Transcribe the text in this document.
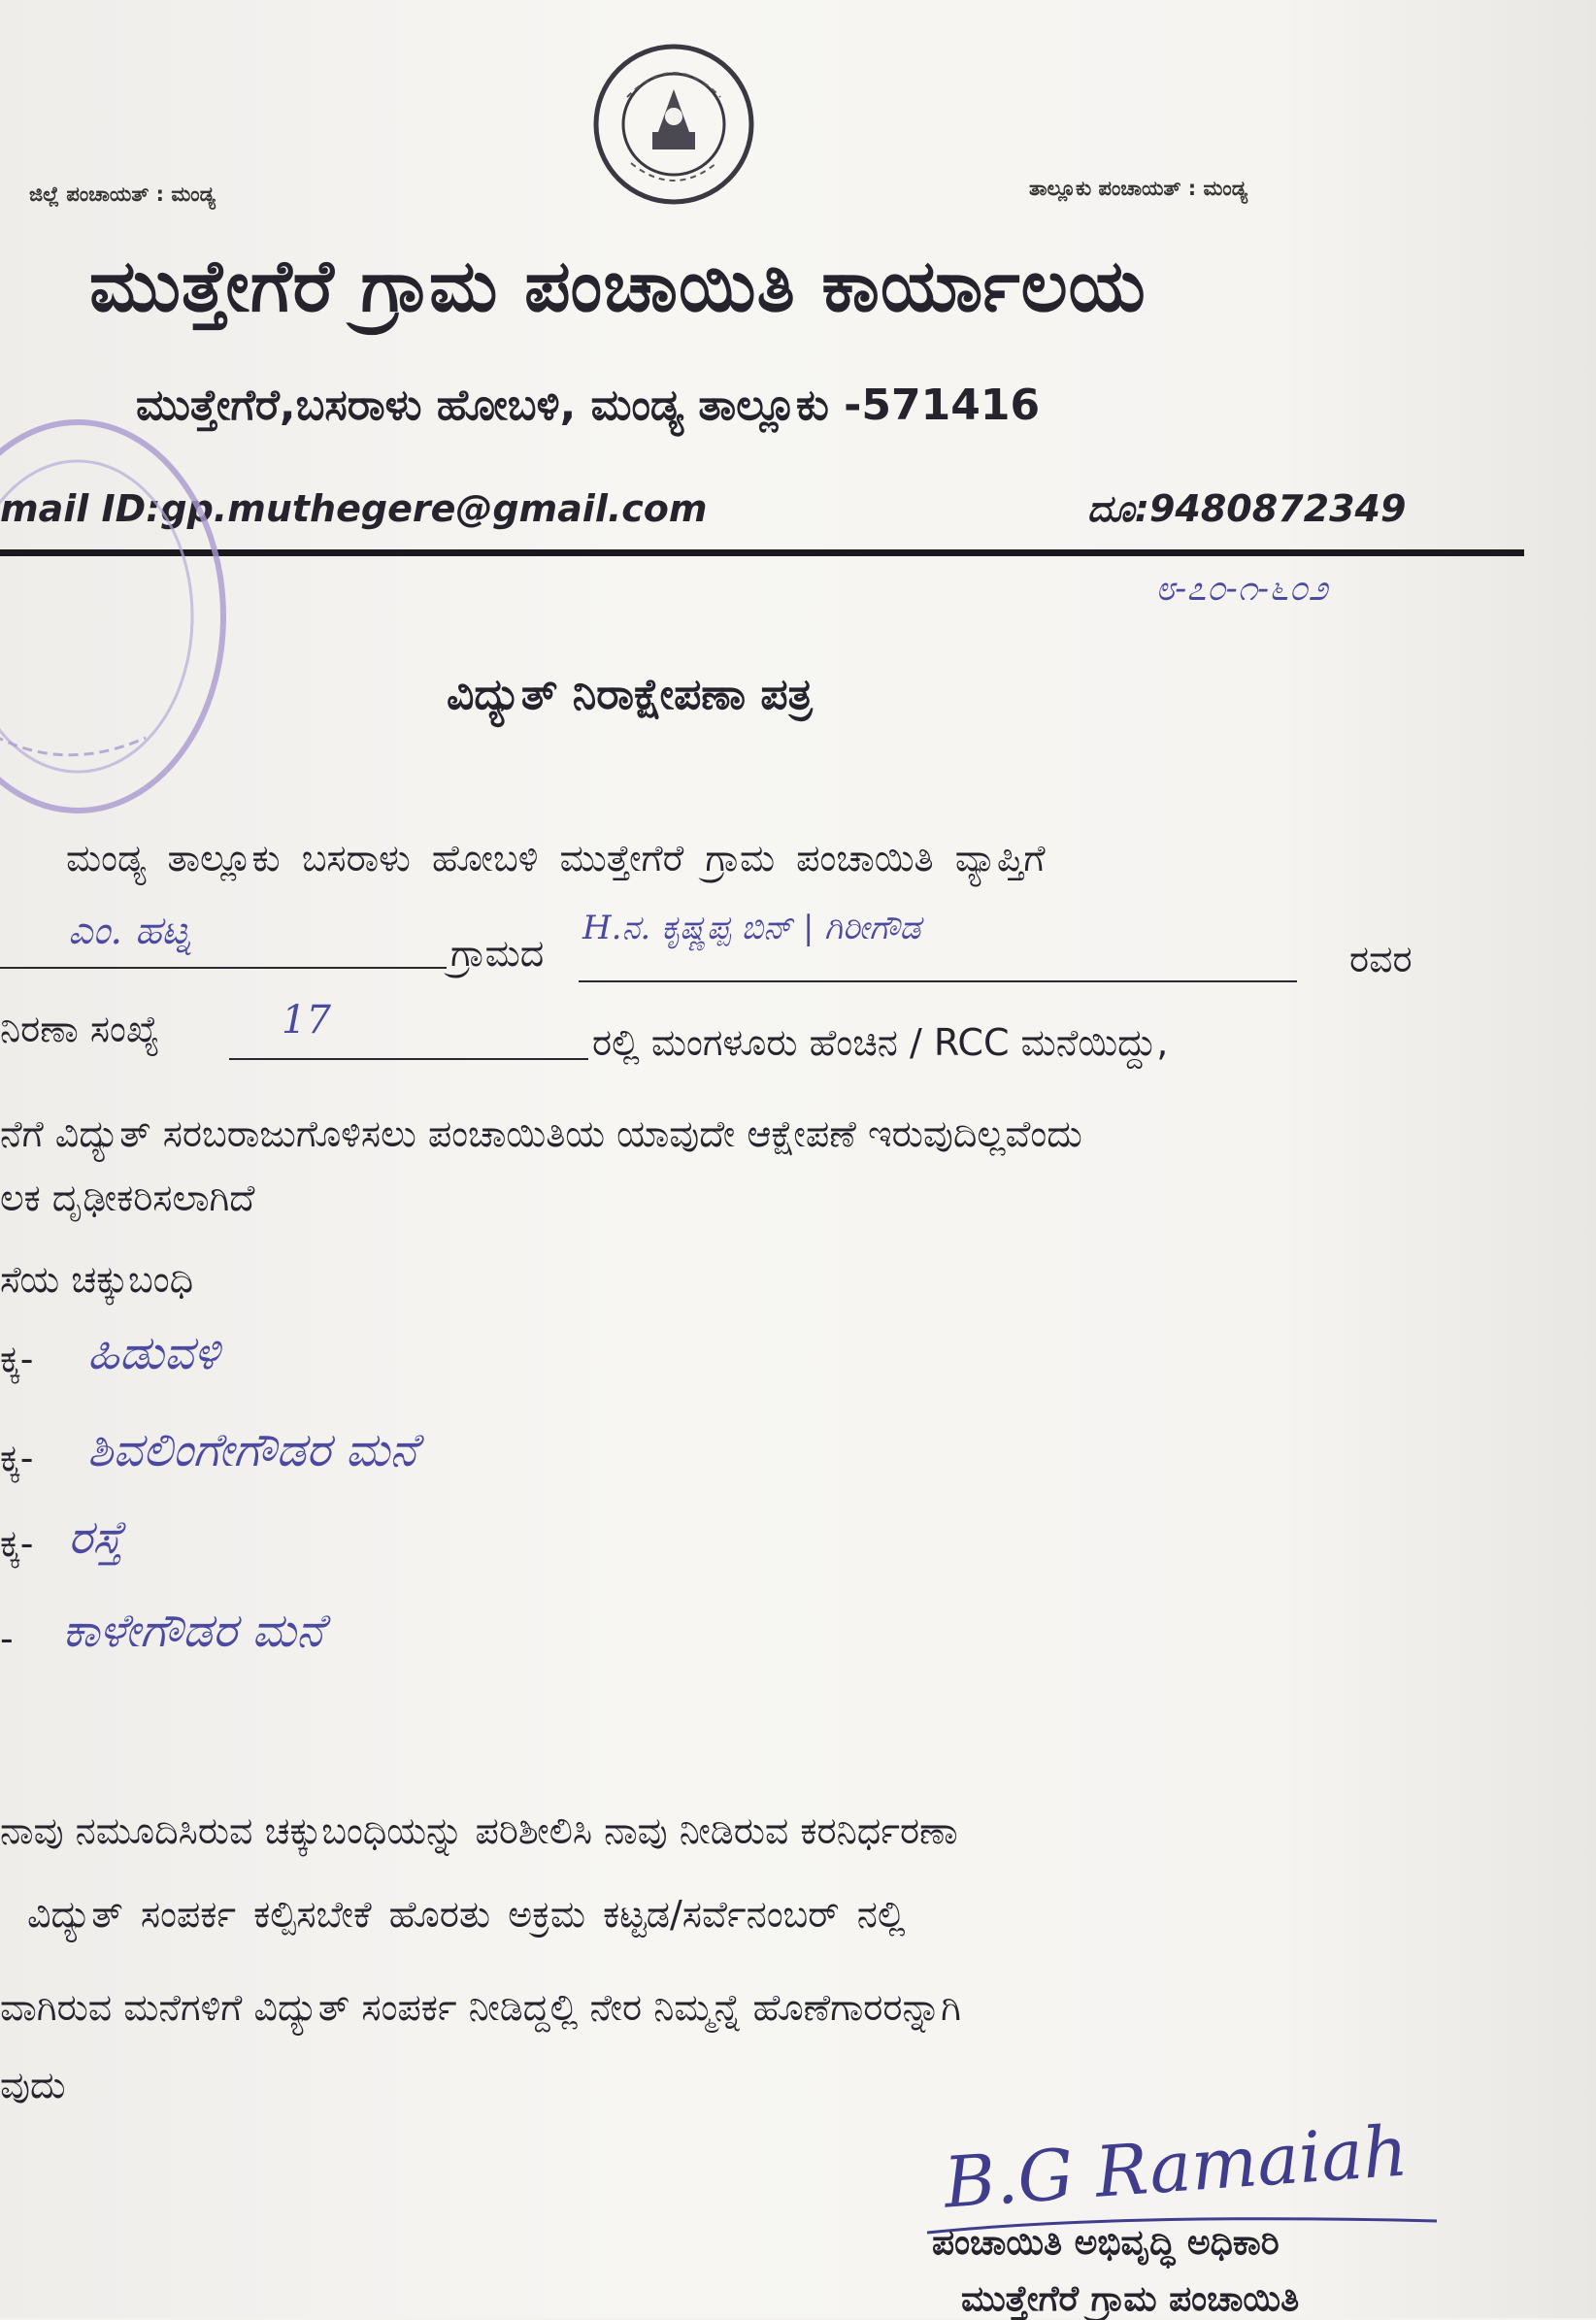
ಜಿಲ್ಲೆ ಪಂಚಾಯತ್ : ಮಂಡ್ಯ	ತಾಲ್ಲೂಕು ಪಂಚಾಯತ್ : ಮಂಡ್ಯ
ಮುತ್ತೇಗೆರೆ ಗ್ರಾಮ ಪಂಚಾಯಿತಿ ಕಾರ್ಯಾಲಯ
ಮುತ್ತೇಗೆರೆ,ಬಸರಾಳು ಹೋಬಳಿ, ಮಂಡ್ಯ ತಾಲ್ಲೂಕು -571416
mail ID:gp.muthegere@gmail.com	ದೂ:9480872349
೮-೭೦-೧-೬೦೨
ವಿದ್ಯುತ್ ನಿರಾಕ್ಷೇಪಣಾ ಪತ್ರ
ಮಂಡ್ಯ ತಾಲ್ಲೂಕು ಬಸರಾಳು ಹೋಬಳಿ ಮುತ್ತೇಗೆರೆ ಗ್ರಾಮ ಪಂಚಾಯಿತಿ ವ್ಯಾಪ್ತಿಗೆ
ಎಂ. ಹಟ್ನ	ಗ್ರಾಮದ
H.ನ. ಕೃಷ್ಣಪ್ಪ ಬಿನ್ | ಗಿರೀಗೌಡ
ರವರ
ನಿರಣಾ ಸಂಖ್ಯೆ	17	ರಲ್ಲಿ ಮಂಗಳೂರು ಹೆಂಚಿನ / RCC ಮನೆಯಿದ್ದು,
ನೆಗೆ ವಿದ್ಯುತ್ ಸರಬರಾಜುಗೊಳಿಸಲು ಪಂಚಾಯಿತಿಯ ಯಾವುದೇ ಆಕ್ಷೇಪಣೆ ಇರುವುದಿಲ್ಲವೆಂದು
ಲಕ ದೃಢೀಕರಿಸಲಾಗಿದೆ
ಸೆಯ ಚಕ್ಕುಬಂಧಿ
ಕ್ಕ- ಹಿಡುವಳಿ
ಕ್ಕ- ಶಿವಲಿಂಗೇಗೌಡರ ಮನೆ
ಕ್ಕ- ರಸ್ತೆ
- ಕಾಳೇಗೌಡರ ಮನೆ
ನಾವು ನಮೂದಿಸಿರುವ ಚಕ್ಕುಬಂಧಿಯನ್ನು ಪರಿಶೀಲಿಸಿ ನಾವು ನೀಡಿರುವ ಕರನಿರ್ಧರಣಾ
ವಿದ್ಯುತ್ ಸಂಪರ್ಕ ಕಲ್ಪಿಸಬೇಕೆ ಹೊರತು ಅಕ್ರಮ ಕಟ್ಟಡ/ಸರ್ವೆನಂಬರ್ ನಲ್ಲಿ
ವಾಗಿರುವ ಮನೆಗಳಿಗೆ ವಿದ್ಯುತ್ ಸಂಪರ್ಕ ನೀಡಿದ್ದಲ್ಲಿ ನೇರ ನಿಮ್ಮನ್ನೆ ಹೊಣೆಗಾರರನ್ನಾಗಿ
ವುದು
B.G Ramaiah
ಪಂಚಾಯಿತಿ ಅಭಿವೃದ್ಧಿ ಅಧಿಕಾರಿ
ಮುತ್ತೇಗೆರೆ ಗ್ರಾಮ ಪಂಚಾಯಿತಿ
